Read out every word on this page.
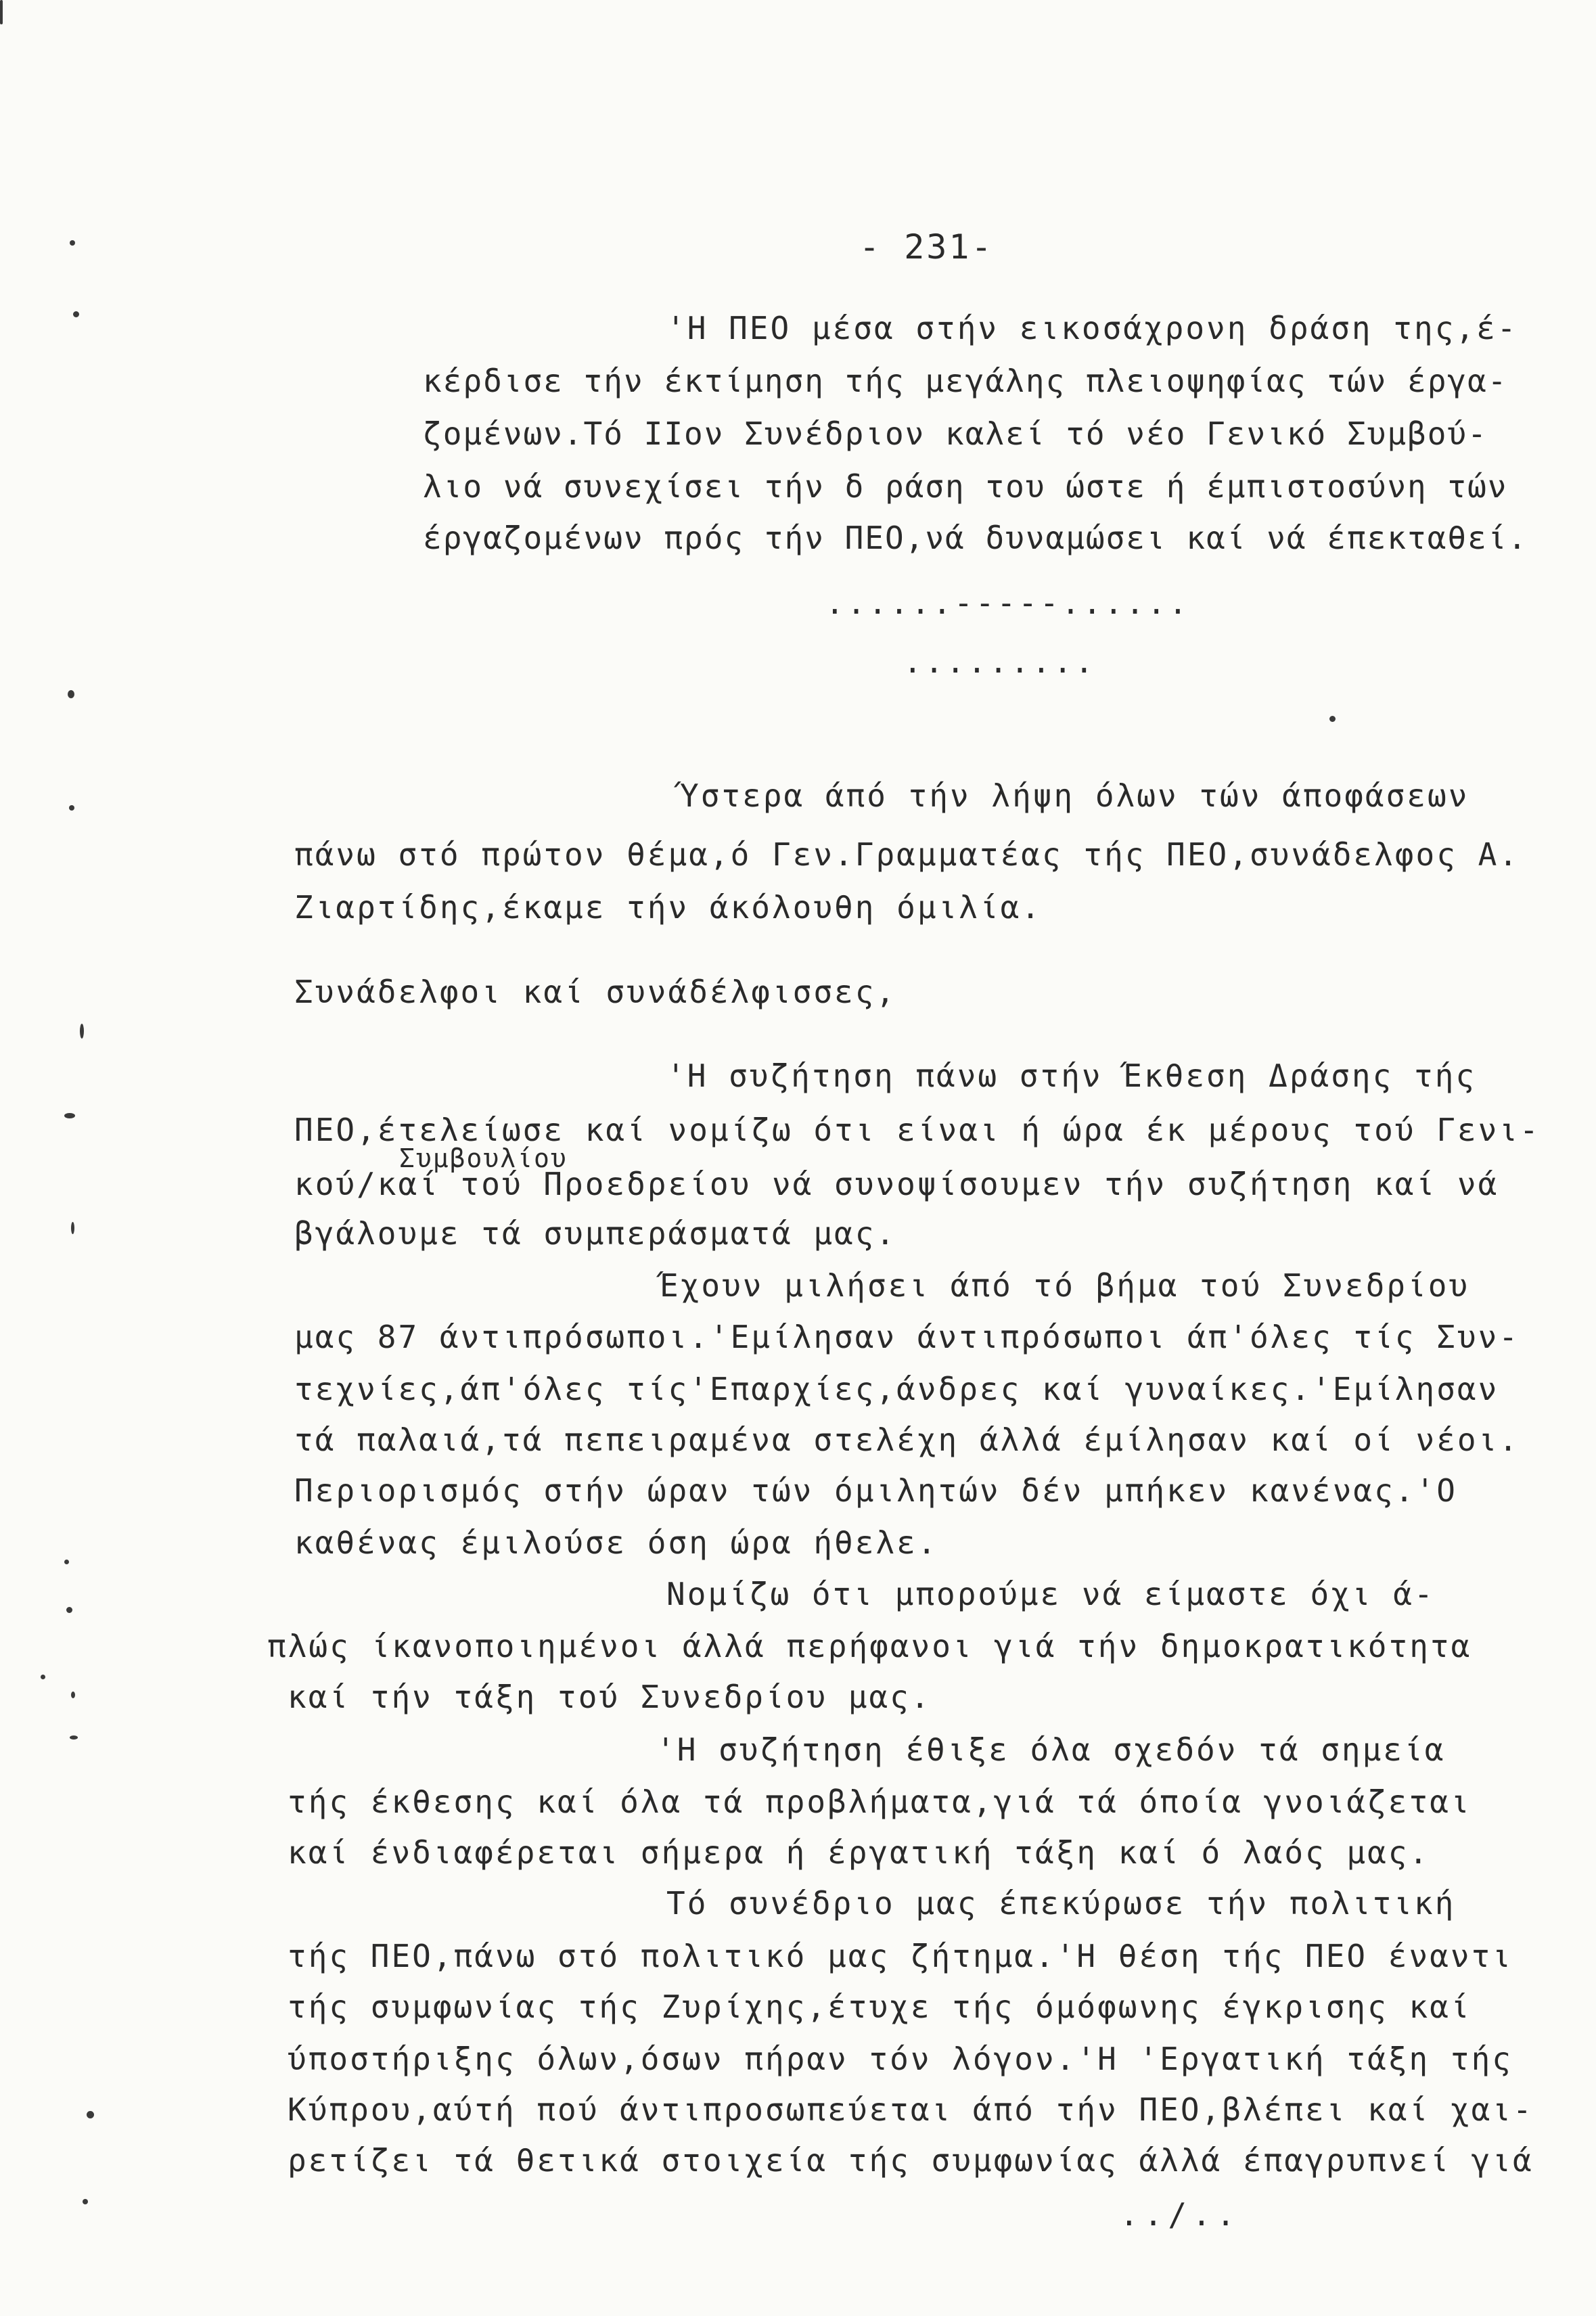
- 231-
'Η ΠΕΟ μέσα στήν εικοσάχρονη δράση της,έ-
κέρδισε τήν έκτίμηση τής μεγάλης πλειοψηφίας τών έργα-
ζομένων.Τό IIον Συνέδριον καλεί τό νέο Γενικό Συμβού-
λιο νά συνεχίσει τήν δ ράση του ώστε ή έμπιστοσύνη τών
έργαζομένων πρός τήν ΠΕΟ,νά δυναμώσει καί νά έπεκταθεί.
......-----......
.........
Ύστερα άπό τήν λήψη όλων τών άποφάσεων
πάνω στό πρώτον θέμα,ό Γεν.Γραμματέας τής ΠΕΟ,συνάδελφος Α.
Ζιαρτίδης,έκαμε τήν άκόλουθη όμιλία.
Συνάδελφοι καί συνάδέλφισσες,
'Η συζήτηση πάνω στήν Έκθεση Δράσης τής
ΠΕΟ,έτελείωσε καί νομίζω ότι είναι ή ώρα έκ μέρους τού Γενι-
Συμβουλίου
κού/καί τού Προεδρείου νά συνοψίσουμεν τήν συζήτηση καί νά
βγάλουμε τά συμπεράσματά μας.
Έχουν μιλήσει άπό τό βήμα τού Συνεδρίου
μας 87 άντιπρόσωποι.'Εμίλησαν άντιπρόσωποι άπ'όλες τίς Συν-
τεχνίες,άπ'όλες τίς'Επαρχίες,άνδρες καί γυναίκες.'Εμίλησαν
τά παλαιά,τά πεπειραμένα στελέχη άλλά έμίλησαν καί οί νέοι.
Περιορισμός στήν ώραν τών όμιλητών δέν μπήκεν κανένας.'Ο
καθένας έμιλούσε όση ώρα ήθελε.
Νομίζω ότι μπορούμε νά είμαστε όχι ά-
πλώς ίκανοποιημένοι άλλά περήφανοι γιά τήν δημοκρατικότητα
καί τήν τάξη τού Συνεδρίου μας.
'Η συζήτηση έθιξε όλα σχεδόν τά σημεία
τής έκθεσης καί όλα τά προβλήματα,γιά τά όποία γνοιάζεται
καί ένδιαφέρεται σήμερα ή έργατική τάξη καί ό λαός μας.
Τό συνέδριο μας έπεκύρωσε τήν πολιτική
τής ΠΕΟ,πάνω στό πολιτικό μας ζήτημα.'Η θέση τής ΠΕΟ έναντι
τής συμφωνίας τής Ζυρίχης,έτυχε τής όμόφωνης έγκρισης καί
ύποστήριξης όλων,όσων πήραν τόν λόγον.'Η 'Εργατική τάξη τής
Κύπρου,αύτή πού άντιπροσωπεύεται άπό τήν ΠΕΟ,βλέπει καί χαι-
ρετίζει τά θετικά στοιχεία τής συμφωνίας άλλά έπαγρυπνεί γιά
../..
